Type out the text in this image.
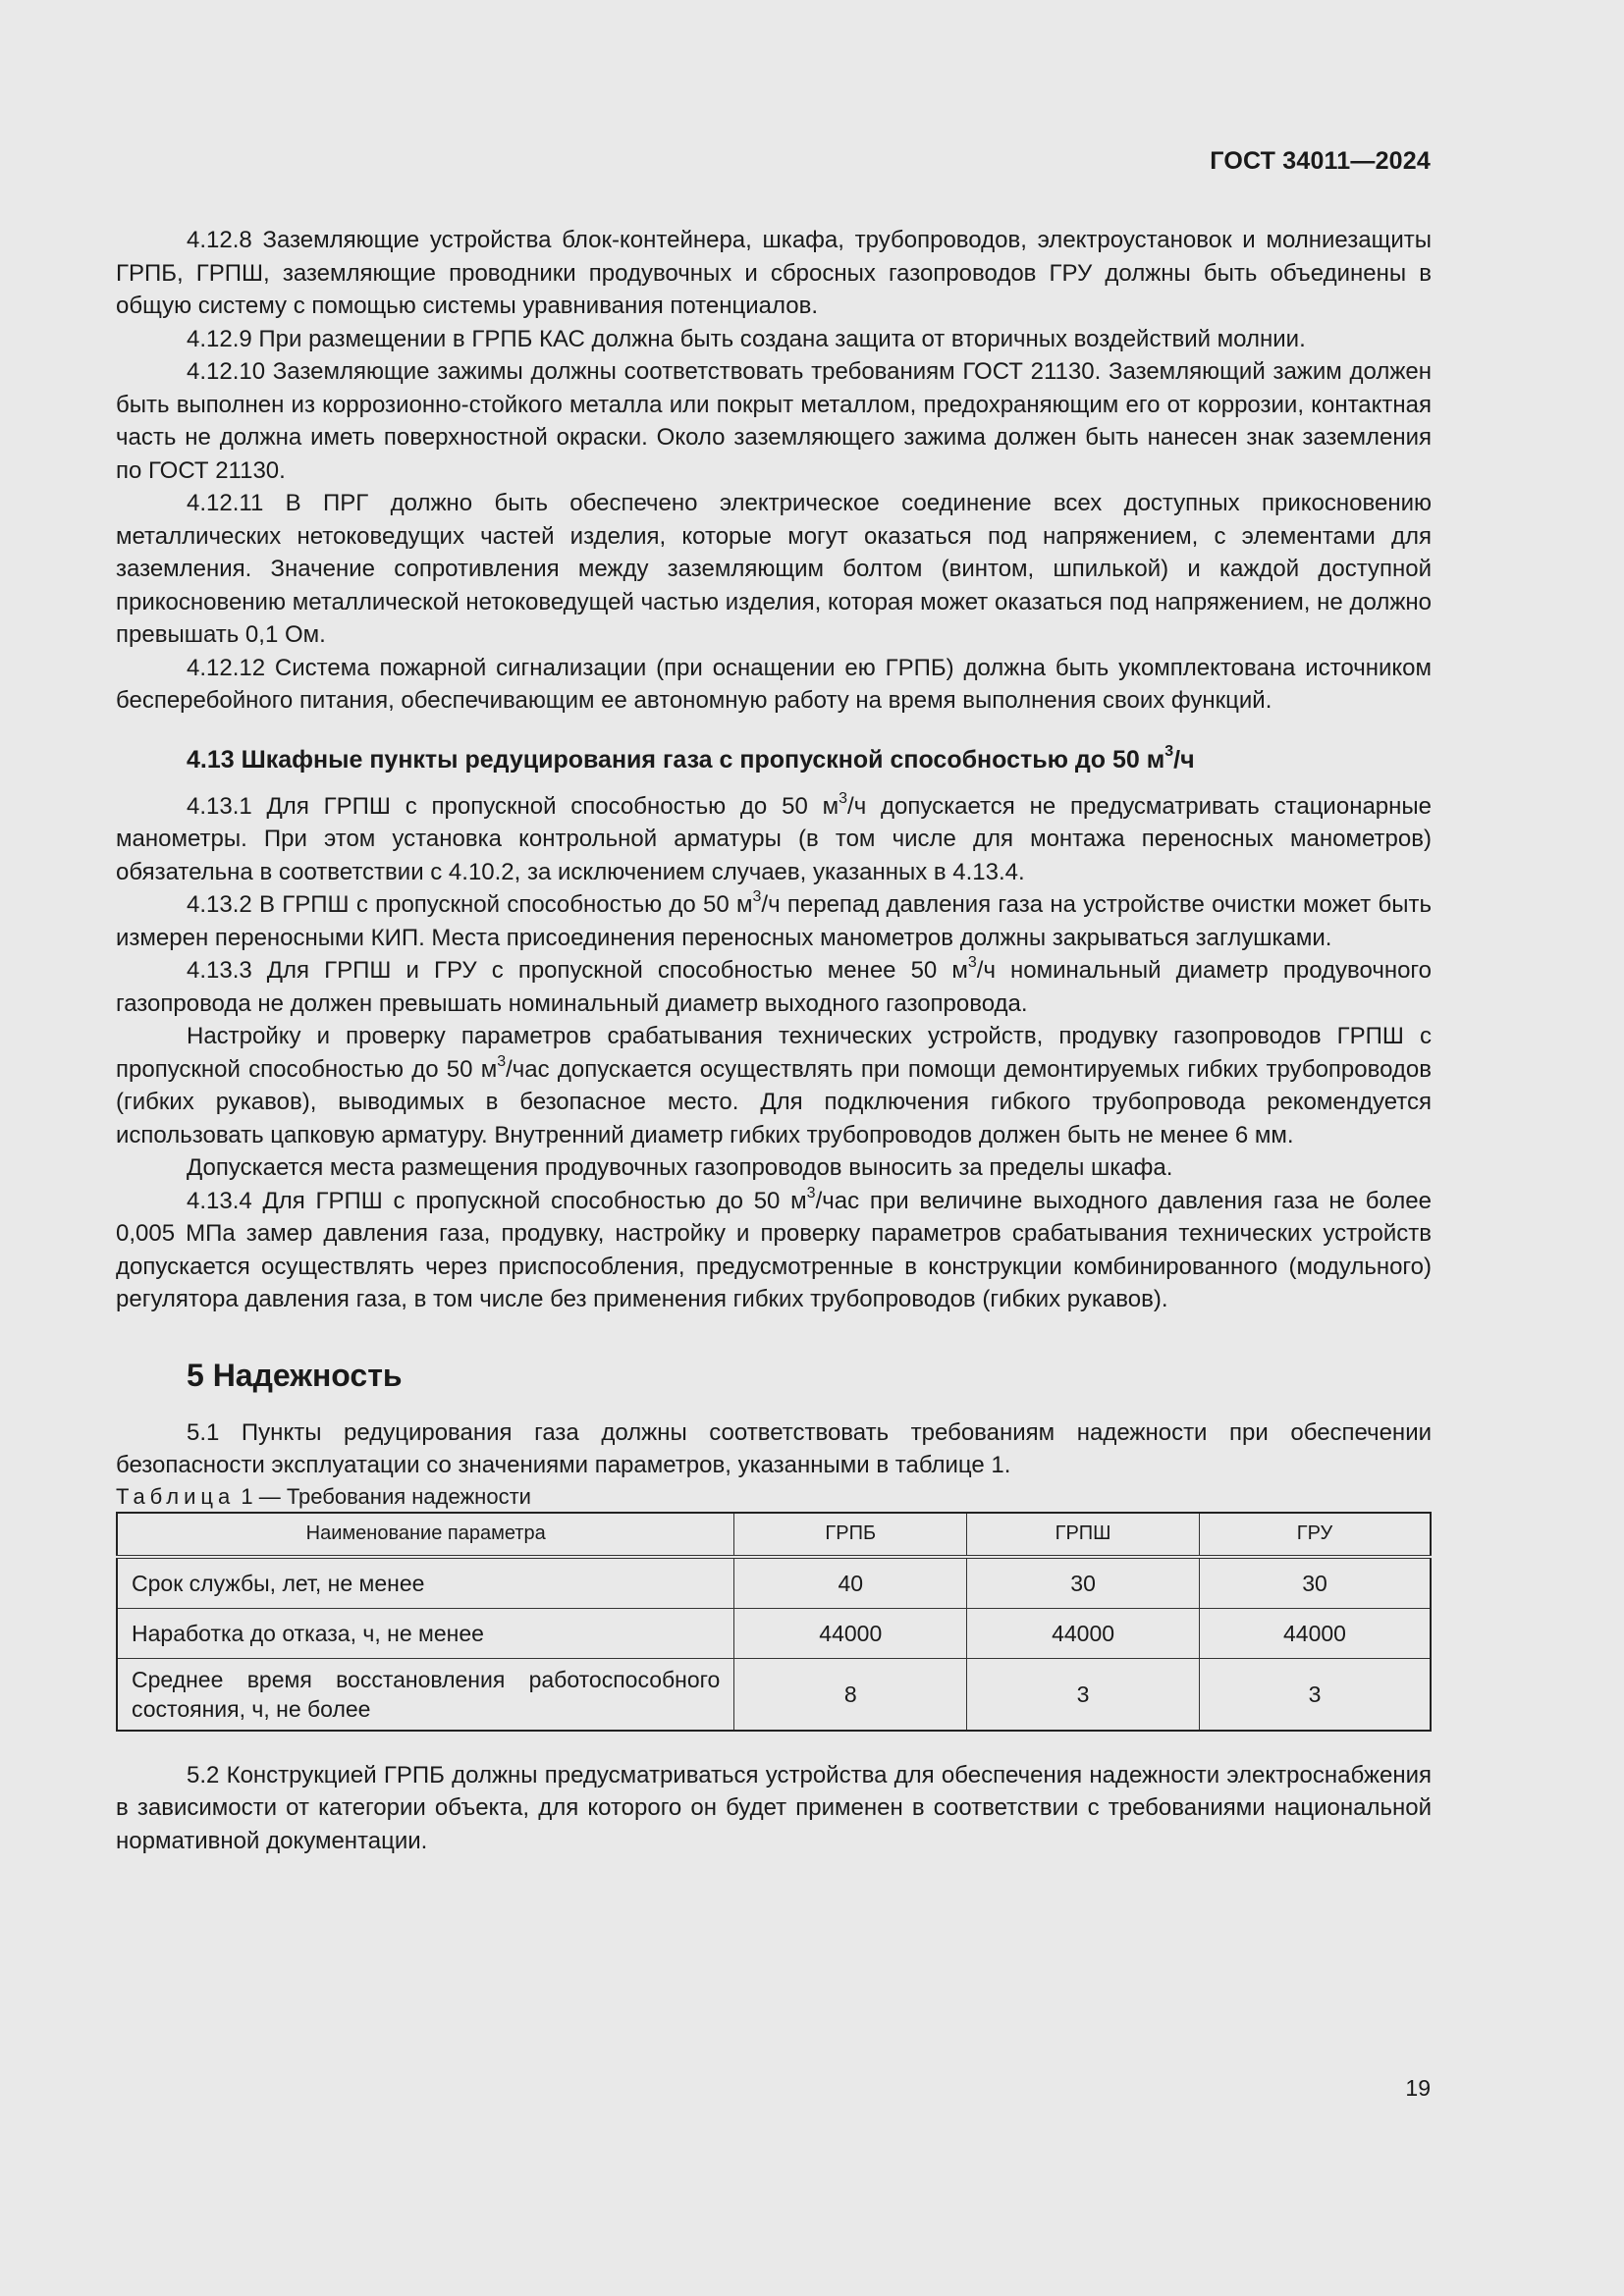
ГОСТ 34011—2024

4.12.8 Заземляющие устройства блок-контейнера, шкафа, трубопроводов, электроустановок и молниезащиты ГРПБ, ГРПШ, заземляющие проводники продувочных и сбросных газопроводов ГРУ должны быть объединены в общую систему с помощью системы уравнивания потенциалов.

4.12.9 При размещении в ГРПБ КАС должна быть создана защита от вторичных воздействий молнии.

4.12.10 Заземляющие зажимы должны соответствовать требованиям ГОСТ 21130. Заземляющий зажим должен быть выполнен из коррозионно-стойкого металла или покрыт металлом, предохраняющим его от коррозии, контактная часть не должна иметь поверхностной окраски. Около заземляющего зажима должен быть нанесен знак заземления по ГОСТ 21130.

4.12.11 В ПРГ должно быть обеспечено электрическое соединение всех доступных прикосновению металлических нетоковедущих частей изделия, которые могут оказаться под напряжением, с элементами для заземления. Значение сопротивления между заземляющим болтом (винтом, шпилькой) и каждой доступной прикосновению металлической нетоковедущей частью изделия, которая может оказаться под напряжением, не должно превышать 0,1 Ом.

4.12.12 Система пожарной сигнализации (при оснащении ею ГРПБ) должна быть укомплектована источником бесперебойного питания, обеспечивающим ее автономную работу на время выполнения своих функций.

4.13 Шкафные пункты редуцирования газа с пропускной способностью до 50 $м^3/ч$

4.13.1 Для ГРПШ с пропускной способностью до 50 $м^3/ч$ допускается не предусматривать стационарные манометры. При этом установка контрольной арматуры (в том числе для монтажа переносных манометров) обязательна в соответствии с 4.10.2, за исключением случаев, указанных в 4.13.4.

4.13.2 В ГРПШ с пропускной способностью до 50 $м^3/ч$ перепад давления газа на устройстве очистки может быть измерен переносными КИП. Места присоединения переносных манометров должны закрываться заглушками.

4.13.3 Для ГРПШ и ГРУ с пропускной способностью менее 50 $м^3/ч$ номинальный диаметр продувочного газопровода не должен превышать номинальный диаметр выходного газопровода.

Настройку и проверку параметров срабатывания технических устройств, продувку газопроводов ГРПШ с пропускной способностью до 50 $м^3$/час допускается осуществлять при помощи демонтируемых гибких трубопроводов (гибких рукавов), выводимых в безопасное место. Для подключения гибкого трубопровода рекомендуется использовать цапковую арматуру. Внутренний диаметр гибких трубопроводов должен быть не менее 6 мм.

Допускается места размещения продувочных газопроводов выносить за пределы шкафа.

4.13.4 Для ГРПШ с пропускной способностью до 50 $м^3$/час при величине выходного давления газа не более 0,005 МПа замер давления газа, продувку, настройку и проверку параметров срабатывания технических устройств допускается осуществлять через приспособления, предусмотренные в конструкции комбинированного (модульного) регулятора давления газа, в том числе без применения гибких трубопроводов (гибких рукавов).

5 Надежность

5.1 Пункты редуцирования газа должны соответствовать требованиям надежности при обеспечении безопасности эксплуатации со значениями параметров, указанными в таблице 1.

Таблица 1 — Требования надежности

Наименование параметра	ГРПБ	ГРПШ	ГРУ
Срок службы, лет, не менее	40	30	30
Наработка до отказа, ч, не менее	44000	44000	44000
Среднее время восстановления работоспособного состояния, ч, не более	8	3	3

5.2 Конструкцией ГРПБ должны предусматриваться устройства для обеспечения надежности электроснабжения в зависимости от категории объекта, для которого он будет применен в соответствии с требованиями национальной нормативной документации.

19
